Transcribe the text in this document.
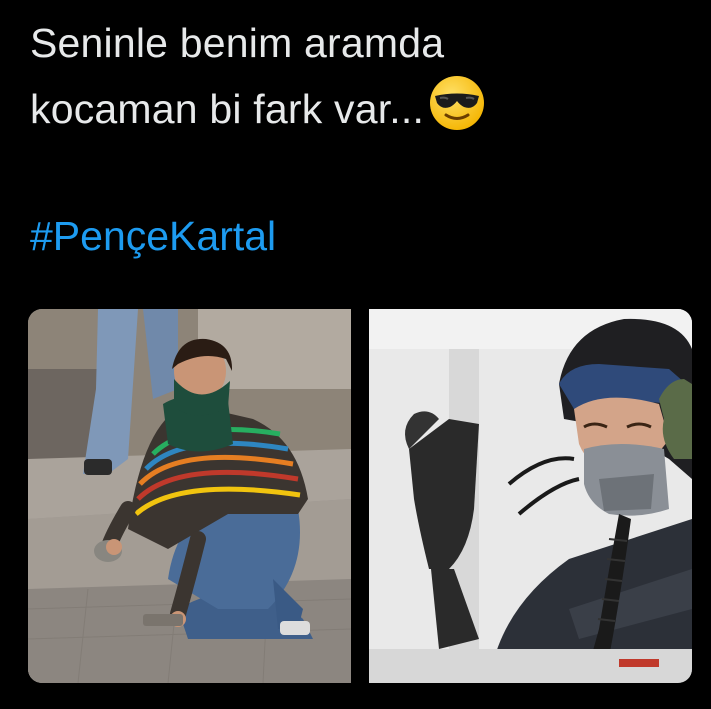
Seninle benim aramda
kocaman bi fark var...
#PençeKartal
